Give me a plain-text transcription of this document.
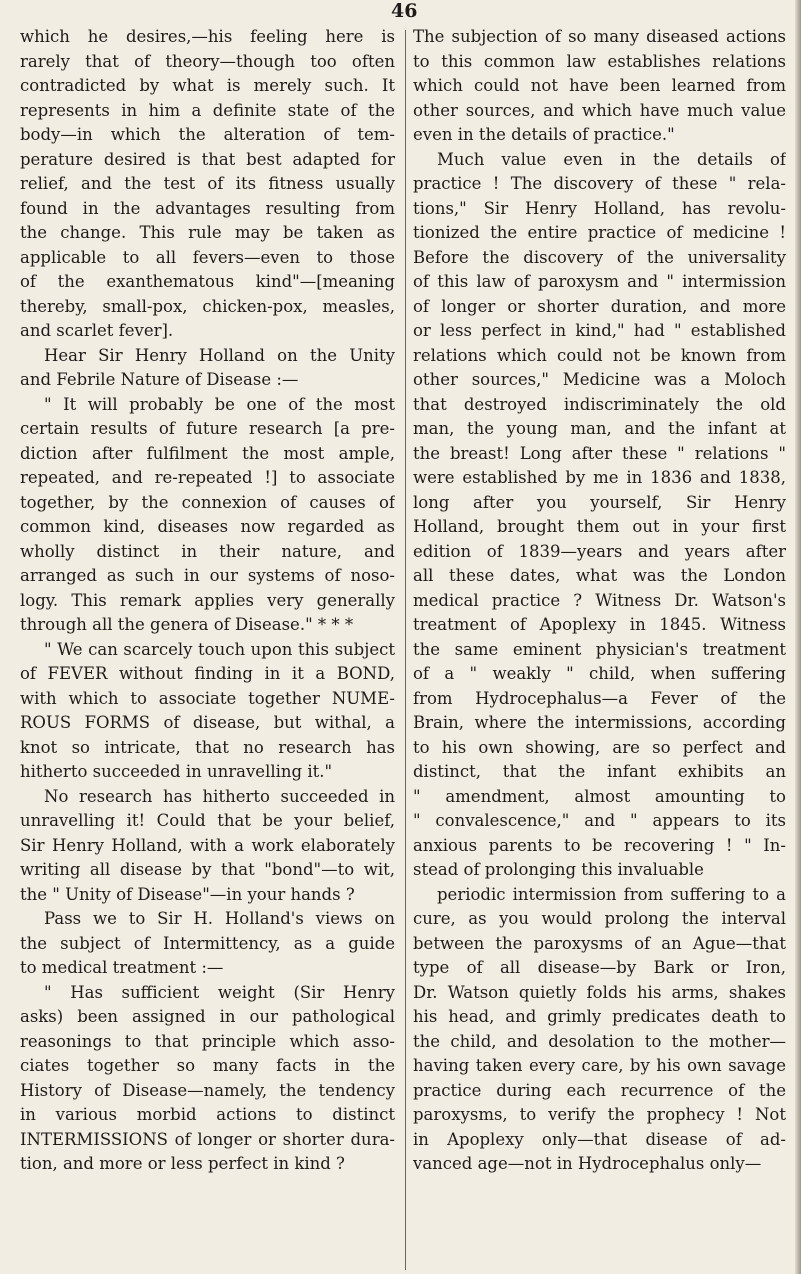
46
which he desires,—his feeling here is
rarely that of theory—though too often
contradicted by what is merely such. It
represents in him a definite state of the
body—in which the alteration of tem-
perature desired is that best adapted for
relief, and the test of its fitness usually
found in the advantages resulting from
the change. This rule may be taken as
applicable to all fevers—even to those
of the exanthematous kind"—[meaning
thereby, small-pox, chicken-pox, measles,
and scarlet fever].
Hear Sir Henry Holland on the Unity
and Febrile Nature of Disease :—
" It will probably be one of the most
certain results of future research [a pre-
diction after fulfilment the most ample,
repeated, and re-repeated !] to associate
together, by the connexion of causes of
common kind, diseases now regarded as
wholly distinct in their nature, and
arranged as such in our systems of noso-
logy. This remark applies very generally
through all the genera of Disease." * * *
" We can scarcely touch upon this subject
of FEVER without finding in it a BOND,
with which to associate together NUME-
ROUS FORMS of disease, but withal, a
knot so intricate, that no research has
hitherto succeeded in unravelling it."
No research has hitherto succeeded in
unravelling it! Could that be your belief,
Sir Henry Holland, with a work elaborately
writing all disease by that "bond"—to wit,
the " Unity of Disease"—in your hands ?
Pass we to Sir H. Holland's views on
the subject of Intermittency, as a guide
to medical treatment :—
" Has sufficient weight (Sir Henry
asks) been assigned in our pathological
reasonings to that principle which asso-
ciates together so many facts in the
History of Disease—namely, the tendency
in various morbid actions to distinct
INTERMISSIONS of longer or shorter dura-
tion, and more or less perfect in kind ?
The subjection of so many diseased actions
to this common law establishes relations
which could not have been learned from
other sources, and which have much value
even in the details of practice."
Much value even in the details of
practice ! The discovery of these " rela-
tions," Sir Henry Holland, has revolu-
tionized the entire practice of medicine !
Before the discovery of the universality
of this law of paroxysm and " intermission
of longer or shorter duration, and more
or less perfect in kind," had " established
relations which could not be known from
other sources," Medicine was a Moloch
that destroyed indiscriminately the old
man, the young man, and the infant at
the breast! Long after these " relations "
were established by me in 1836 and 1838,
long after you yourself, Sir Henry
Holland, brought them out in your first
edition of 1839—years and years after
all these dates, what was the London
medical practice ? Witness Dr. Watson's
treatment of Apoplexy in 1845. Witness
the same eminent physician's treatment
of a " weakly " child, when suffering
from Hydrocephalus—a Fever of the
Brain, where the intermissions, according
to his own showing, are so perfect and
distinct, that the infant exhibits an
" amendment, almost amounting to
" convalescence," and " appears to its
anxious parents to be recovering ! " In-
stead of prolonging this invaluable
periodic intermission from suffering to a
cure, as you would prolong the interval
between the paroxysms of an Ague—that
type of all disease—by Bark or Iron,
Dr. Watson quietly folds his arms, shakes
his head, and grimly predicates death to
the child, and desolation to the mother—
having taken every care, by his own savage
practice during each recurrence of the
paroxysms, to verify the prophecy ! Not
in Apoplexy only—that disease of ad-
vanced age—not in Hydrocephalus only—
